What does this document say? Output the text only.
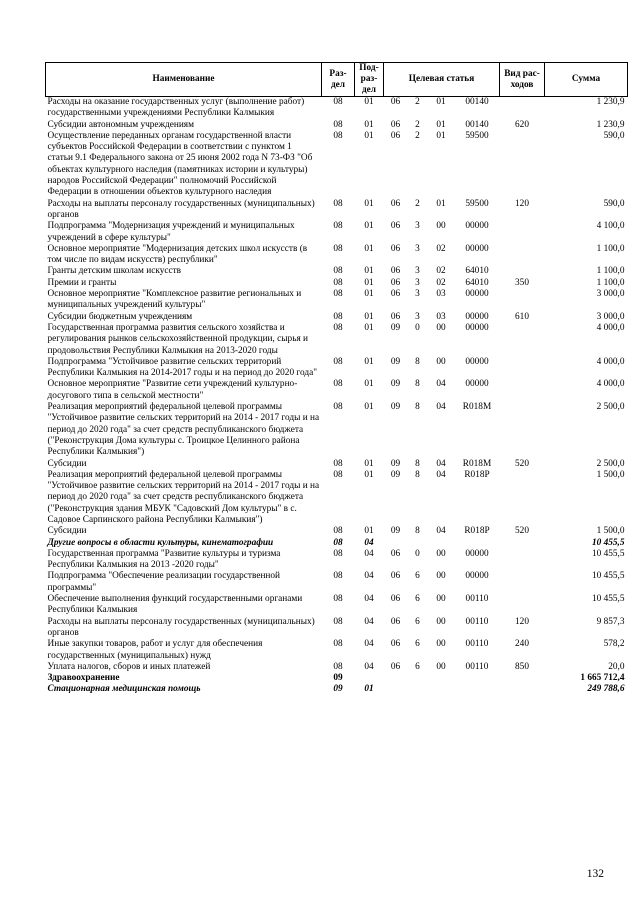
Наименование	Раз- дел	Под- раз- дел	Целевая статья				Вид рас- ходов	Сумма
Расходы на оказание государственных услуг (выполнение работ) государственными учреждениями Республики Калмыкия	08	01	06	2	01	00140		1 230,9
Субсидии автономным учреждениям	08	01	06	2	01	00140	620	1 230,9
Осуществление переданных органам государственной власти субъектов Российской Федерации в соответствии с пунктом 1 статьи 9.1 Федерального закона от 25 июня 2002 года N 73-ФЗ "Об объектах культурного наследия (памятниках истории и культуры) народов Российской Федерации" полномочий Российской Федерации в отношении объектов культурного наследия	08	01	06	2	01	59500		590,0
Расходы на выплаты персоналу государственных (муниципальных) органов	08	01	06	2	01	59500	120	590,0
Подпрограмма "Модернизация учреждений и муниципальных учреждений в сфере культуры"	08	01	06	3	00	00000		4 100,0
Основное мероприятие "Модернизация детских школ искусств (в том числе по видам искусств) республики"	08	01	06	3	02	00000		1 100,0
Гранты детским школам искусств	08	01	06	3	02	64010		1 100,0
Премии и гранты	08	01	06	3	02	64010	350	1 100,0
Основное мероприятие "Комплексное развитие региональных и муниципальных учреждений культуры"	08	01	06	3	03	00000		3 000,0
Субсидии бюджетным учреждениям	08	01	06	3	03	00000	610	3 000,0
Государственная программа развития сельского хозяйства и регулирования рынков сельскохозяйственной продукции, сырья и продовольствия Республики Калмыкия на 2013-2020 годы	08	01	09	0	00	00000		4 000,0
Подпрограмма "Устойчивое развитие сельских территорий Республики Калмыкия на 2014-2017 годы и на период до 2020 года"	08	01	09	8	00	00000		4 000,0
Основное мероприятие "Развитие сети учреждений культурно-досугового типа в сельской местности"	08	01	09	8	04	00000		4 000,0
Реализация мероприятий федеральной целевой программы "Устойчивое развитие сельских территорий на 2014 - 2017 годы и на период до 2020 года" за счет средств республиканского бюджета ("Реконструкция Дома культуры с. Троицкое Целинного района Республики Калмыкия")	08	01	09	8	04	R018M		2 500,0
Субсидии	08	01	09	8	04	R018M	520	2 500,0
Реализация мероприятий федеральной целевой программы "Устойчивое развитие сельских территорий на 2014 - 2017 годы и на период до 2020 года" за счет средств республиканского бюджета ("Реконструкция здания МБУК "Садовский Дом культуры" в с. Садовое Сарпинского района Республики Калмыкия")	08	01	09	8	04	R018P		1 500,0
Субсидии	08	01	09	8	04	R018P	520	1 500,0
Другие вопросы в области культуры, кинематографии	08	04						10 455,5
Государственная программа "Развитие культуры и туризма Республики Калмыкия на 2013 -2020 годы"	08	04	06	0	00	00000		10 455,5
Подпрограмма "Обеспечение реализации государственной программы"	08	04	06	6	00	00000		10 455,5
Обеспечение выполнения функций государственными органами Республики Калмыкия	08	04	06	6	00	00110		10 455,5
Расходы на выплаты персоналу государственных (муниципальных) органов	08	04	06	6	00	00110	120	9 857,3
Иные закупки товаров, работ и услуг для обеспечения государственных (муниципальных) нужд	08	04	06	6	00	00110	240	578,2
Уплата налогов, сборов и иных платежей	08	04	06	6	00	00110	850	20,0
Здравоохранение	09							1 665 712,4
Стационарная медицинская помощь	09	01						249 788,6
132
